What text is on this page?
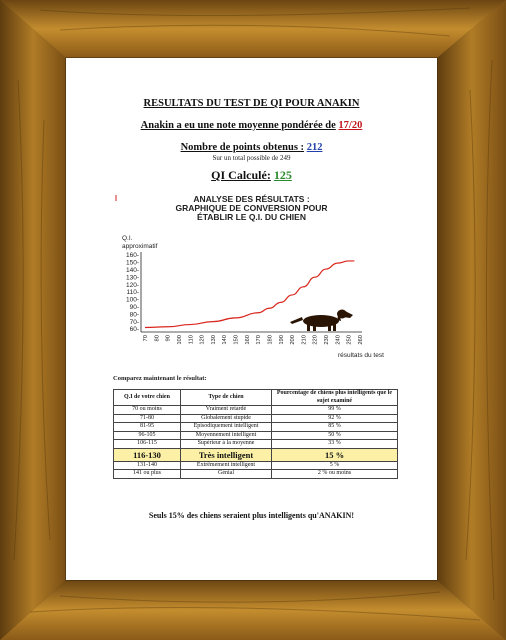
RESULTATS DU TEST DE QI POUR ANAKIN
Anakin a eu une note moyenne pondérée de 17/20
Nombre de points obtenus : 212
Sur un total possible de 249
QI Calculé: 125
ANALYSE DES RÉSULTATS :
GRAPHIQUE DE CONVERSION POUR
ÉTABLIR LE Q.I. DU CHIEN
Q.I.
approximatif
60-
70-
80-
90-
100-
110-
120-
130-
140-
150-
160-
70 80 90 100 110 120 130 140 150 160 170 180 190 200 210 220 230 240 250 260
résultats du test
Comparez maintenant le résultat:
Q.I de votre chien	Type de chien	Pourcentage de chiens plus intelligents que le sujet examiné
70 ou moins	Vraiment retardé	99 %
71-80	Globalement stupide	92 %
81-95	Episodiquement intelligent	85 %
96-105	Moyennement intelligent	50 %
106-115	Supérieur à la moyenne	33 %
116-130	Très intelligent	15 %
131-140	Extrêmement intelligent	5 %
141 ou plus	Génial	2 % ou moins
Seuls 15% des chiens seraient plus intelligents qu'ANAKIN!
